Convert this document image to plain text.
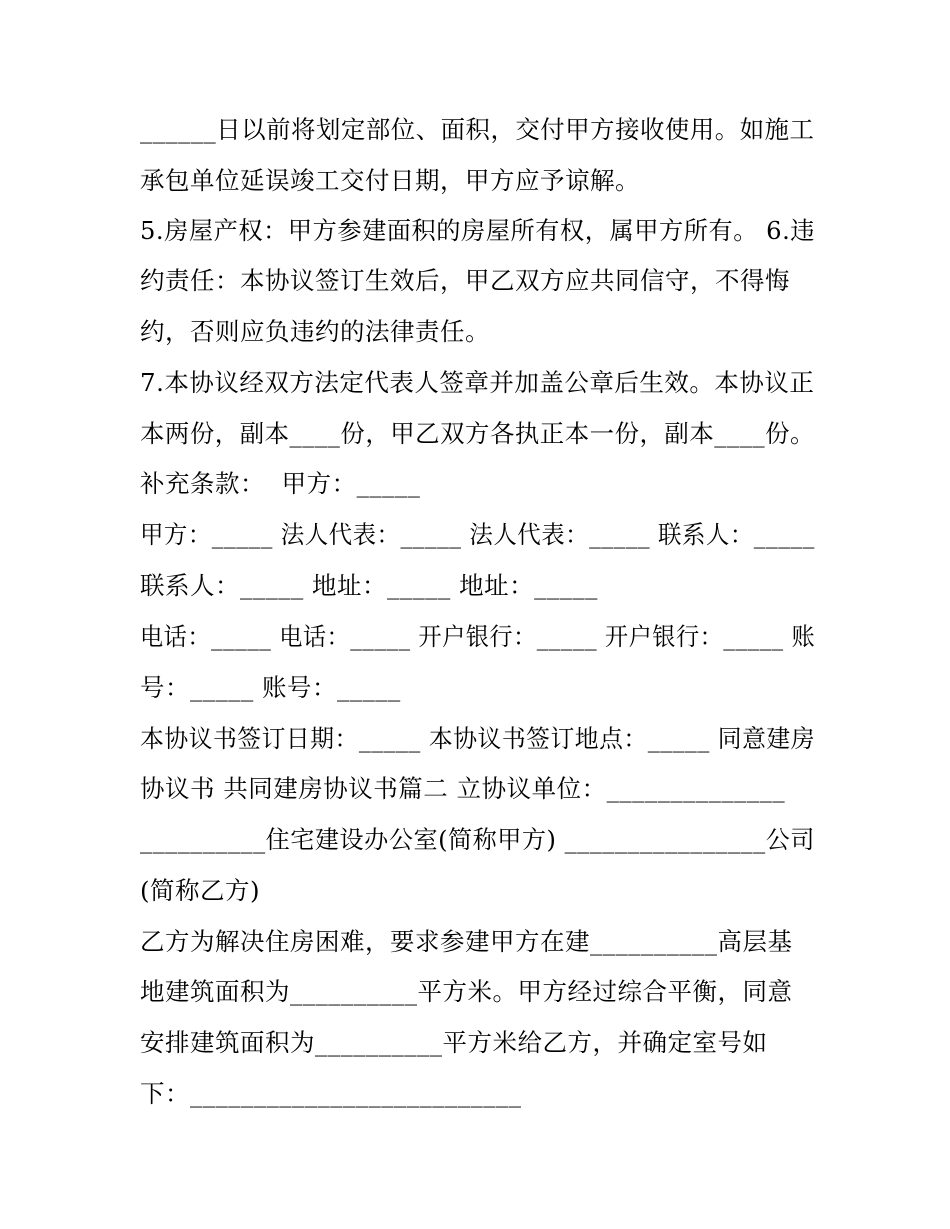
______日以前将划定部位、面积，交付甲方接收使用。如施工
承包单位延误竣工交付日期，甲方应予谅解。
5.房屋产权：甲方参建面积的房屋所有权，属甲方所有。 6.违
约责任：本协议签订生效后，甲乙双方应共同信守，不得悔
约，否则应负违约的法律责任。
7.本协议经双方法定代表人签章并加盖公章后生效。本协议正
本两份，副本____份，甲乙双方各执正本一份，副本____份。
补充条款：  甲方：_____
甲方：_____ 法人代表：_____ 法人代表：_____ 联系人：_____
联系人：_____ 地址：_____ 地址：_____
电话：_____ 电话：_____ 开户银行：_____ 开户银行：_____ 账
号：_____ 账号：_____
本协议书签订日期：_____ 本协议书签订地点：_____ 同意建房
协议书 共同建房协议书篇二 立协议单位：______________
__________住宅建设办公室(简称甲方) ________________公司
(简称乙方)
乙方为解决住房困难，要求参建甲方在建__________高层基
地建筑面积为__________平方米。甲方经过综合平衡，同意
安排建筑面积为__________平方米给乙方，并确定室号如
下：__________________________
